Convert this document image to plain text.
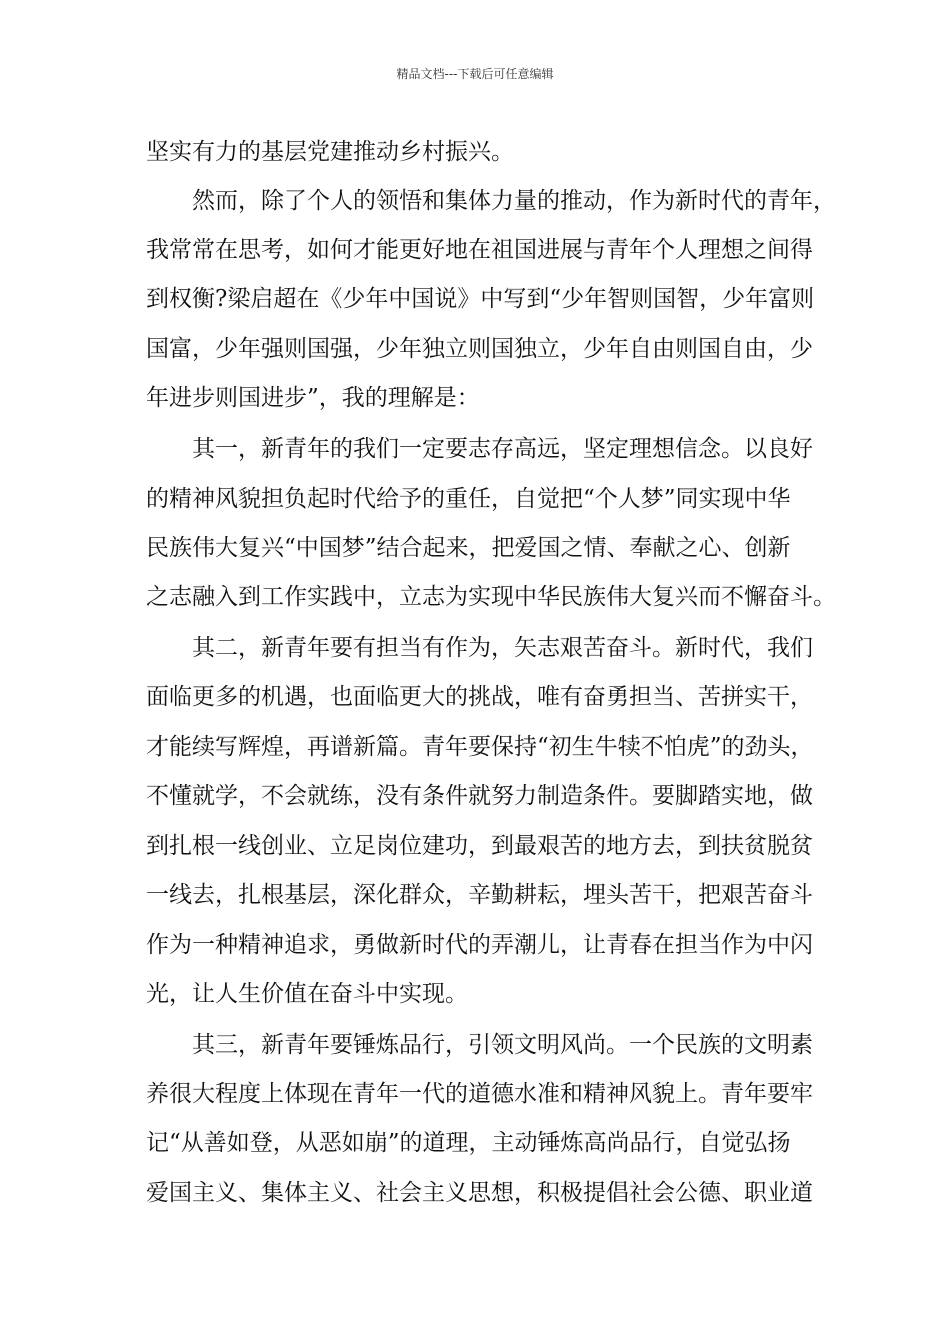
精品文档---下载后可任意编辑
坚实有力的基层党建推动乡村振兴。
　　然而，除了个人的领悟和集体力量的推动，作为新时代的青年，
我常常在思考，如何才能更好地在祖国进展与青年个人理想之间得
到权衡?梁启超在《少年中国说》中写到“少年智则国智，少年富则
国富，少年强则国强，少年独立则国独立，少年自由则国自由，少
年进步则国进步”，我的理解是：
　　其一，新青年的我们一定要志存高远，坚定理想信念。以良好
的精神风貌担负起时代给予的重任，自觉把“个人梦”同实现中华
民族伟大复兴“中国梦”结合起来，把爱国之情、奉献之心、创新
之志融入到工作实践中，立志为实现中华民族伟大复兴而不懈奋斗。
　　其二，新青年要有担当有作为，矢志艰苦奋斗。新时代，我们
面临更多的机遇，也面临更大的挑战，唯有奋勇担当、苦拼实干，
才能续写辉煌，再谱新篇。青年要保持“初生牛犊不怕虎”的劲头，
不懂就学，不会就练，没有条件就努力制造条件。要脚踏实地，做
到扎根一线创业、立足岗位建功，到最艰苦的地方去，到扶贫脱贫
一线去，扎根基层，深化群众，辛勤耕耘，埋头苦干，把艰苦奋斗
作为一种精神追求，勇做新时代的弄潮儿，让青春在担当作为中闪
光，让人生价值在奋斗中实现。
　　其三，新青年要锤炼品行，引领文明风尚。一个民族的文明素
养很大程度上体现在青年一代的道德水准和精神风貌上。青年要牢
记“从善如登，从恶如崩”的道理，主动锤炼高尚品行，自觉弘扬
爱国主义、集体主义、社会主义思想，积极提倡社会公德、职业道
